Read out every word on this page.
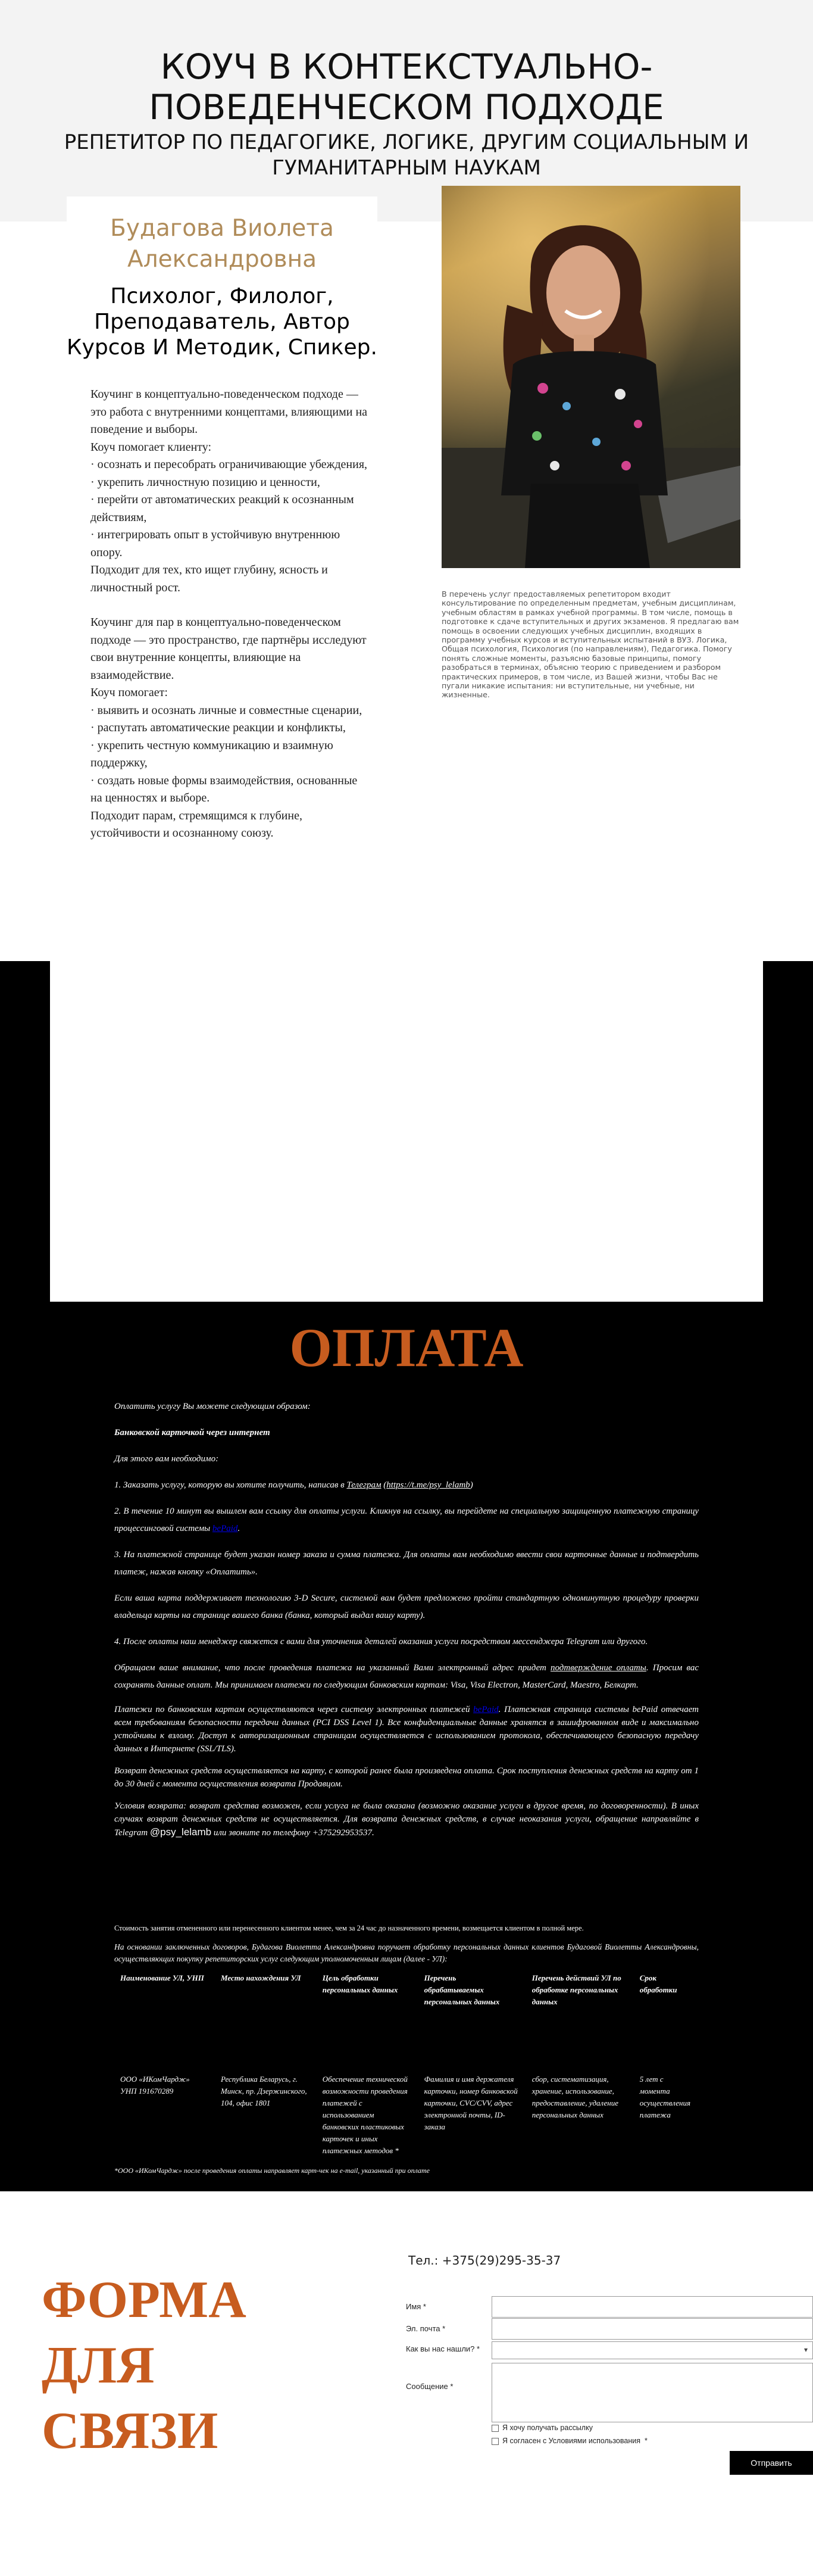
КОУЧ В КОНТЕКСТУАЛЬНО-
ПОВЕДЕНЧЕСКОМ ПОДХОДЕ
РЕПЕТИТОР ПО ПЕДАГОГИКЕ, ЛОГИКЕ, ДРУГИМ СОЦИАЛЬНЫМ И
ГУМАНИТАРНЫМ НАУКАМ
Будагова Виолета
Александровна
Психолог, Филолог,
Преподаватель, Автор
Курсов И Методик, Спикер.

Коучинг в концептуально-поведенческом подходе — это работа с внутренними концептами, влияющими на поведение и выборы.
Коуч помогает клиенту:
· осознать и пересобрать ограничивающие убеждения,
· укрепить личностную позицию и ценности,
· перейти от автоматических реакций к осознанным действиям,
· интегрировать опыт в устойчивую внутреннюю опору.
Подходит для тех, кто ищет глубину, ясность и личностный рост.

Коучинг для пар в концептуально-поведенческом подходе — это пространство, где партнёры исследуют свои внутренние концепты, влияющие на взаимодействие.
Коуч помогает:
· выявить и осознать личные и совместные сценарии,
· распутать автоматические реакции и конфликты,
· укрепить честную коммуникацию и взаимную поддержку,
· создать новые формы взаимодействия, основанные на ценностях и выборе.
Подходит парам, стремящимся к глубине, устойчивости и осознанному союзу.

В перечень услуг предоставляемых репетитором входит консультирование по определенным предметам, учебным дисциплинам, учебным областям в рамках учебной программы. В том числе, помощь в подготовке к сдаче вступительных и других экзаменов. Я предлагаю вам помощь в освоении следующих учебных дисциплин, входящих в программу учебных курсов и вступительных испытаний в ВУЗ. Логика, Общая психология, Психология (по направлениям), Педагогика. Помогу понять сложные моменты, разъясню базовые принципы, помогу разобраться в терминах, объясню теорию с приведением и разбором практических примеров, в том числе, из Вашей жизни, чтобы Вас не пугали никакие испытания: ни вступительные, ни учебные, ни жизненные.
ОПЛАТА

Оплатить услугу Вы можете следующим образом:

Банковской карточкой через интернет

Для этого вам необходимо:

1. Заказать услугу, которую вы хотите получить, написав в Телеграм (https://t.me/psy_lelamb)

2. В течение 10 минут вы вышлем вам ссылку для оплаты услуги. Кликнув на ссылку, вы перейдете на специальную защищенную платежную страницу процессинговой системы bePaid.

3. На платежной странице будет указан номер заказа и сумма платежа. Для оплаты вам необходимо ввести свои карточные данные и подтвердить платеж, нажав кнопку «Оплатить».

Если ваша карта поддерживает технологию 3-D Secure, системой вам будет предложено пройти стандартную одноминутную процедуру проверки владельца карты на странице вашего банка (банка, который выдал вашу карту).

4. После оплаты наш менеджер свяжется с вами для уточнения деталей оказания услуги посредством мессенджера Telegram или другого.

Обращаем ваше внимание, что после проведения платежа на указанный Вами электронный адрес придет подтверждение оплаты. Просим вас сохранять данные оплат. Мы принимаем платежи по следующим банковским картам: Visa, Visa Electron, MasterCard, Maestro, Белкарт.

Платежи по банковским картам осуществляются через систему электронных платежей bePaid. Платежная страница системы bePaid отвечает всем требованиям безопасности передачи данных (PCI DSS Level 1). Все конфиденциальные данные хранятся в зашифрованном виде и максимально устойчивы к взлому. Доступ к авторизационным страницам осуществляется с использованием протокола, обеспечивающего безопасную передачу данных в Интернете (SSL/TLS).

Возврат денежных средств осуществляется на карту, с которой ранее была произведена оплата. Срок поступления денежных средств на карту от 1 до 30 дней с момента осуществления возврата Продавцом.

Условия возврата: возврат средства возможен, если услуга не была оказана (возможно оказание услуги в другое время, по договоренности). В иных случаях возврат денежных средств не осуществляется. Для возврата денежных средств, в случае неоказания услуги, обращение направляйте в Telegram @psy_lelamb или звоните по телефону +375292953537.

Стоимость занятия отмененного или перенесенного клиентом менее, чем за 24 час до назначенного времени, возмещается клиентом в полной мере.

На основании заключенных договоров, Будагова Виолетта Александровна поручает обработку персональных данных клиентов Будаговой Виолетты Александровны, осуществляющих покупку репетиторских услуг следующим уполномоченным лицам (далее - УЛ):

Наименование УЛ, УНП	Место нахождения УЛ	Цель обработки персональных данных	Перечень обрабатываемых персональных данных	Перечень действий УЛ по обработке персональных данных	Срок обработки
ООО «ИКомЧардж» УНП 191670289	Республика Беларусь, г. Минск, пр. Дзержинского, 104, офис 1801	Обеспечение технической возможности проведения платежей с использованием банковских пластиковых карточек и иных платежных методов *	Фамилия и имя держателя карточки, номер банковской карточки, CVC/CVV, адрес электронной почты, ID-заказа	сбор, систематизация, хранение, использование, предоставление, удаление персональных данных	5 лет с момента осуществления платежа
*ООО «ИКомЧардж» после проведения оплаты направляет карт-чек на e-mail, указанный при оплате
ФОРМА
ДЛЯ
СВЯЗИ
Тел.: +375(29)295-35-37
Имя *
Эл. почта *
Как вы нас нашли? *	▾
Сообщение *
Я хочу получать рассылку
Я согласен с Условиями использования *
Отправить
